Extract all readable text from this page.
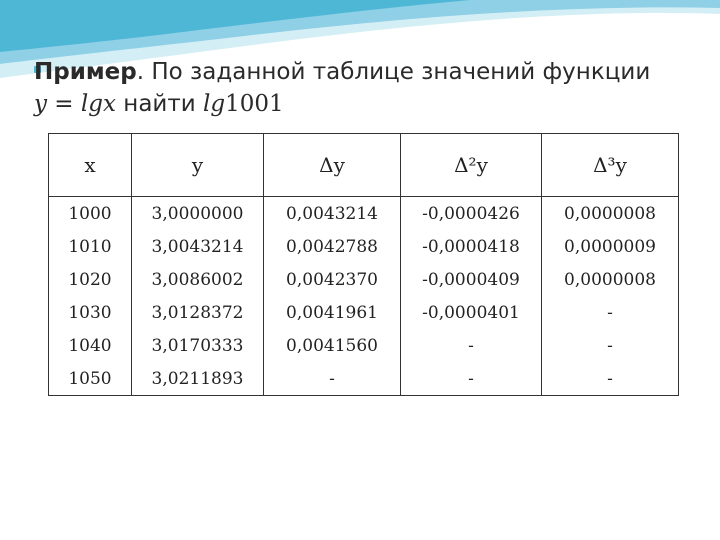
Пример. По заданной таблице значений функции
y = lgx найти lg1001
x	y	Δy	Δ²y	Δ³y
1000	3,0000000	0,0043214	-0,0000426	0,0000008
1010	3,0043214	0,0042788	-0,0000418	0,0000009
1020	3,0086002	0,0042370	-0,0000409	0,0000008
1030	3,0128372	0,0041961	-0,0000401	-
1040	3,0170333	0,0041560	-	-
1050	3,0211893	-	-	-
